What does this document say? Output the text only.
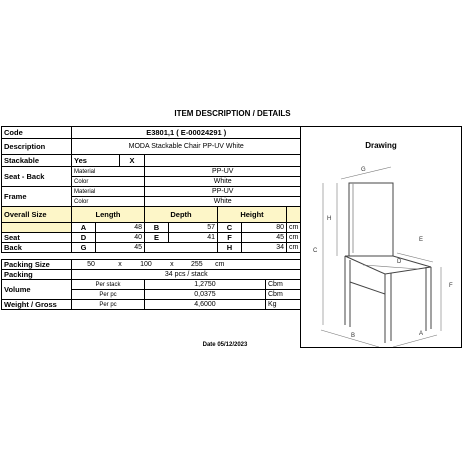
ITEM DESCRIPTION / DETAILS
Code	E3801,1 ( E-00024291 )								
Description	MODA Stackable Chair PP-UV White								
Stackable	Yes		X						
Seat - Back	Material			PP-UV					
	Color			White					
Frame	Material			PP-UV					
	Color			White					
Overall Size	Length			Depth		Height			
	A	48		B	57	C	80		cm
Seat	D	40		E	41	F	45		cm
Back	G	45				H	34		cm

Packing Size	50 x 100 x 255 cm								
Packing	34 pcs / stack								
Volume	Per stack			1,2750				Cbm	
	Per pc			0,0375				Cbm	
Weight / Gross	Per pc			4,6000				Kg	
Date 05/12/2023
Drawing
G
H
C
E
D
F
B	A
